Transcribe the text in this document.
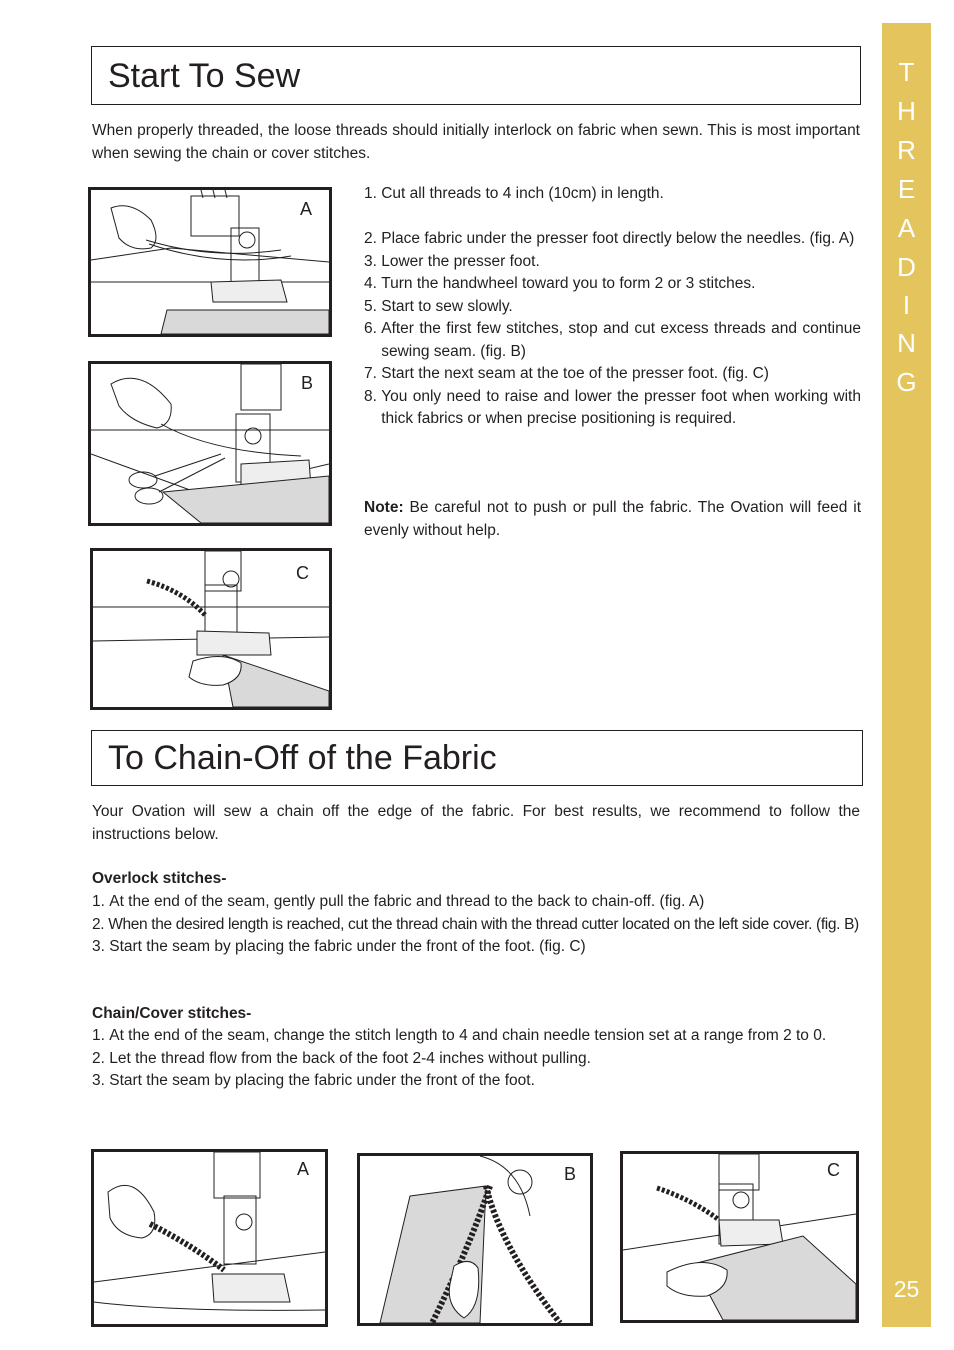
T
H
R
E
A
D
I
N
G
25
Start To Sew
When properly threaded, the loose threads should initially interlock on fabric when sewn. This is most important when sewing the chain or cover stitches.
A
B
C
1. Cut all threads to 4 inch (10cm) in length.
2. Place fabric under the presser foot directly below the needles. (fig. A)
3. Lower the presser foot.
4. Turn the handwheel toward you to form 2 or 3 stitches.
5. Start to sew slowly.
6. After the first few stitches, stop and cut excess threads and continue sewing seam. (fig. B)
7. Start the next seam at the toe of the presser foot. (fig. C)
8. You only need to raise and lower the presser foot when working with thick fabrics or when precise positioning is required.
Note: Be careful not to push or pull the fabric. The Ovation will feed it evenly without help.
To Chain-Off of the Fabric
Your Ovation will sew a chain off the edge of the fabric. For best results, we recommend to follow the instructions below.
Overlock stitches-
1. At the end of the seam, gently pull the fabric and thread to the back to chain-off. (fig. A)
2. When the desired length is reached, cut the thread chain with the thread cutter located on the left side cover. (fig. B)
3. Start the seam by placing the fabric under the front of the foot. (fig. C)
Chain/Cover stitches-
1. At the end of the seam, change the stitch length to 4 and chain needle tension set at a range from 2 to 0.
2. Let the thread flow from the back of the foot 2-4 inches without pulling.
3. Start the seam by placing the fabric under the front of the foot.
A	B	C
